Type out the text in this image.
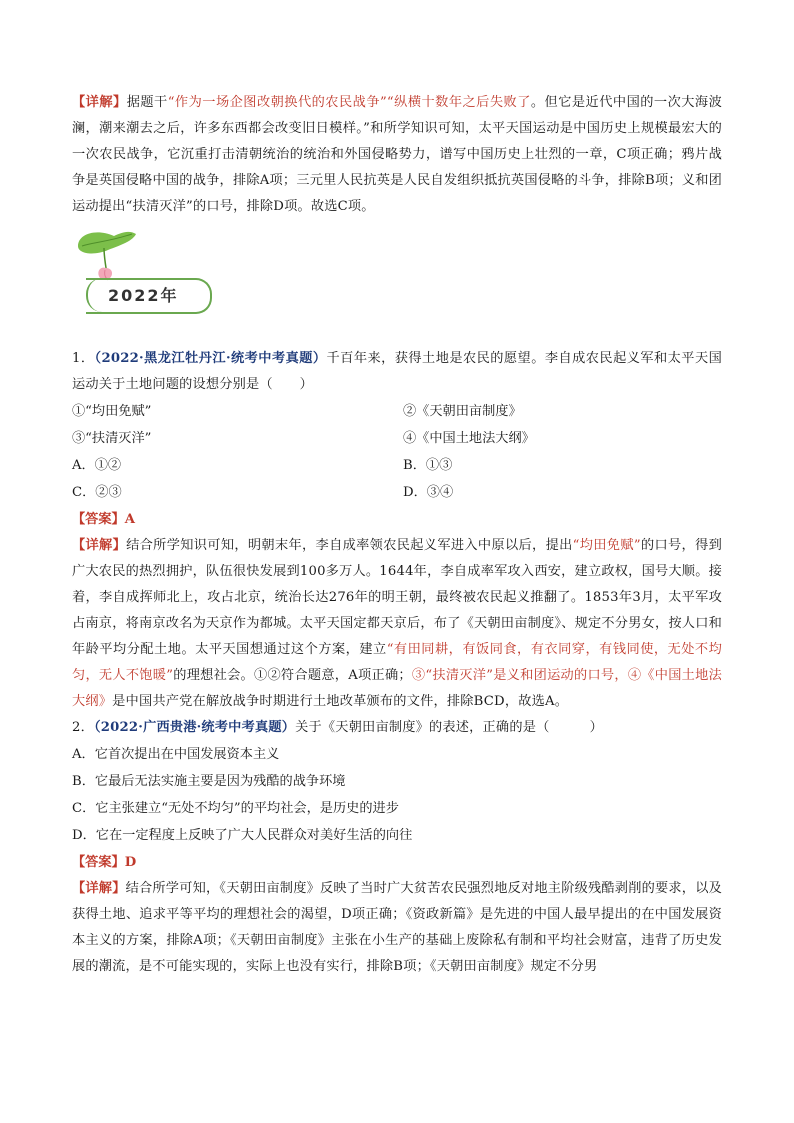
【详解】据题干“作为一场企图改朝换代的农民战争”“纵横十数年之后失败了。但它是近代中国的一次大海波澜，潮来潮去之后，许多东西都会改变旧日模样。”和所学知识可知，太平天国运动是中国历史上规模最宏大的一次农民战争，它沉重打击清朝统治的统治和外国侵略势力，谱写中国历史上壮烈的一章，C项正确；鸦片战争是英国侵略中国的战争，排除A项；三元里人民抗英是人民自发组织抵抗英国侵略的斗争，排除B项；义和团运动提出“扶清灭洋”的口号，排除D项。故选C项。

2022年

1．（2022·黑龙江牡丹江·统考中考真题）千百年来，获得土地是农民的愿望。李自成农民起义军和太平天国运动关于土地问题的设想分别是（　　）

①“均田免赋”	②《天朝田亩制度》
③“扶清灭洋”	④《中国土地法大纲》
A．①②	B．①③
C．②③	D．③④

【答案】A

【详解】结合所学知识可知，明朝末年，李自成率领农民起义军进入中原以后，提出“均田免赋”的口号，得到广大农民的热烈拥护，队伍很快发展到100多万人。1644年，李自成率军攻入西安，建立政权，国号大顺。接着，李自成挥师北上，攻占北京，统治长达276年的明王朝，最终被农民起义推翻了。1853年3月，太平军攻占南京，将南京改名为天京作为都城。太平天国定都天京后，布了《天朝田亩制度》、规定不分男女，按人口和年龄平均分配土地。太平天国想通过这个方案，建立“有田同耕，有饭同食，有衣同穿，有钱同使，无处不均匀，无人不饱暖”的理想社会。①②符合题意，A项正确；③“扶清灭洋”是义和团运动的口号，④《中国土地法大纲》是中国共产党在解放战争时期进行土地改革颁布的文件，排除BCD，故选A。

2．（2022·广西贵港·统考中考真题）关于《天朝田亩制度》的表述，正确的是（　　　）

A．它首次提出在中国发展资本主义

B．它最后无法实施主要是因为残酷的战争环境

C．它主张建立“无处不均匀”的平均社会，是历史的进步

D．它在一定程度上反映了广大人民群众对美好生活的向往

【答案】D

【详解】结合所学可知，《天朝田亩制度》反映了当时广大贫苦农民强烈地反对地主阶级残酷剥削的要求，以及获得土地、追求平等平均的理想社会的渴望，D项正确；《资政新篇》是先进的中国人最早提出的在中国发展资本主义的方案，排除A项；《天朝田亩制度》主张在小生产的基础上废除私有制和平均社会财富，违背了历史发展的潮流，是不可能实现的，实际上也没有实行，排除B项；《天朝田亩制度》规定不分男
